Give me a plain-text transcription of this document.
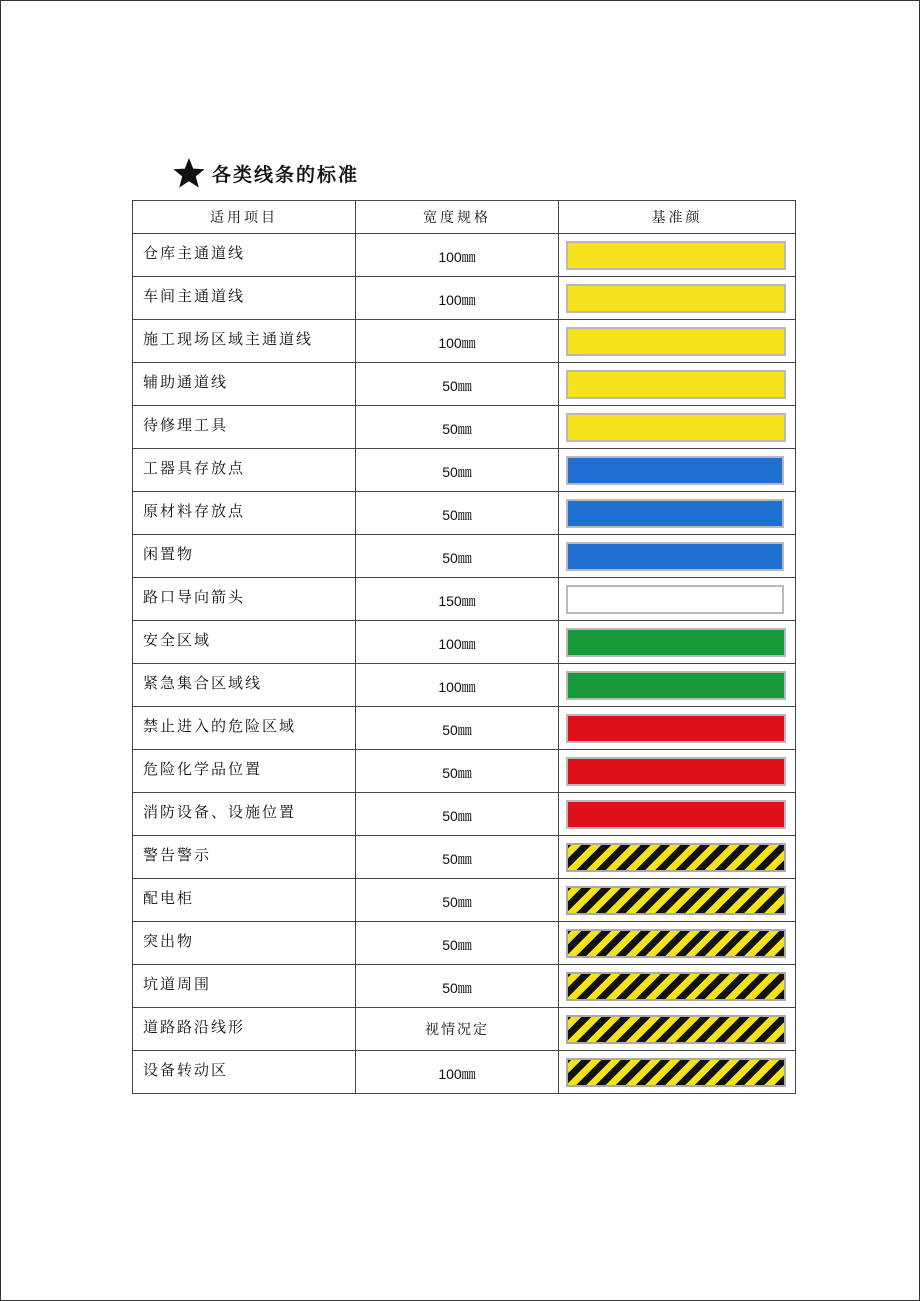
各类线条的标准
适用项目	宽度规格	基准颜
仓库主通道线	100㎜	

车间主通道线	100㎜	

施工现场区域主通道线	100㎜	

辅助通道线	50㎜	

待修理工具	50㎜	

工器具存放点	50㎜	

原材料存放点	50㎜	

闲置物	50㎜	

路口导向箭头	150㎜	

安全区域	100㎜	

紧急集合区域线	100㎜	

禁止进入的危险区域	50㎜	

危险化学品位置	50㎜	

消防设备、设施位置	50㎜	

警告警示	50㎜	

配电柜	50㎜	

突出物	50㎜	

坑道周围	50㎜	

道路路沿线形	视情况定	

设备转动区	100㎜	
